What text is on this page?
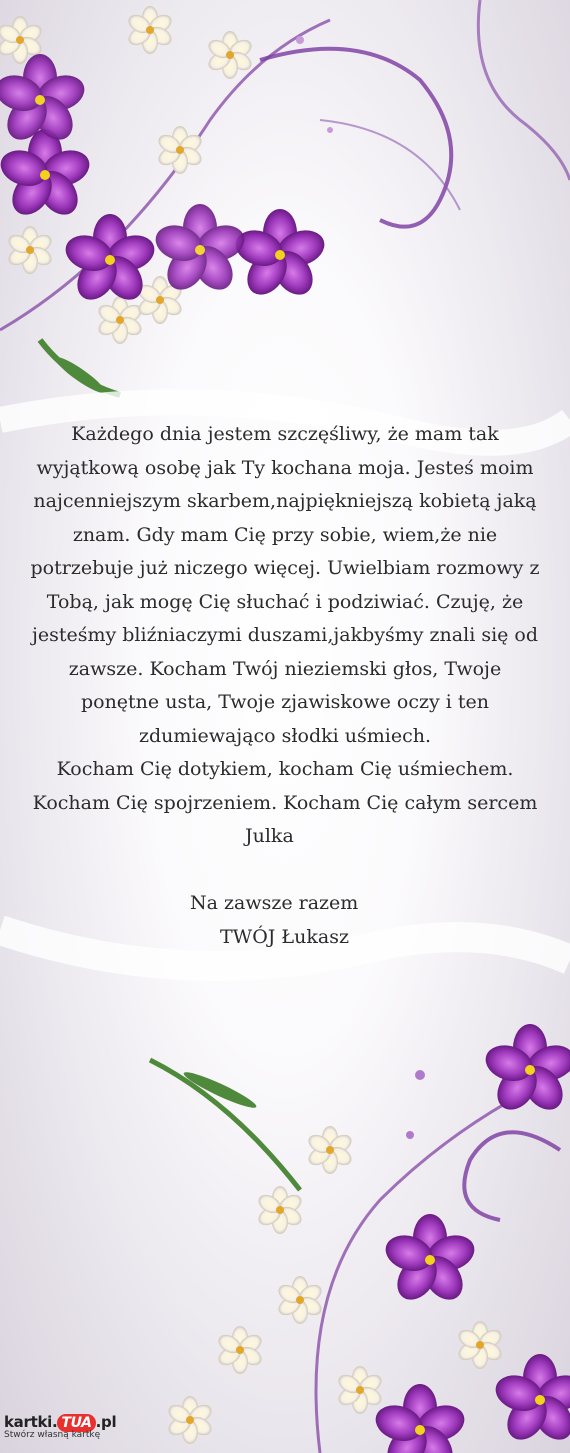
Każdego dnia jestem szczęśliwy, że mam tak
wyjątkową osobę jak Ty kochana moja. Jesteś moim
najcenniejszym skarbem,najpiękniejszą kobietą jaką
znam. Gdy mam Cię przy sobie, wiem,że nie
potrzebuje już niczego więcej. Uwielbiam rozmowy z
Tobą, jak mogę Cię słuchać i podziwiać. Czuję, że
jesteśmy bliźniaczymi duszami,jakbyśmy znali się od
zawsze. Kocham Twój nieziemski głos, Twoje
ponętne usta, Twoje zjawiskowe oczy i ten
zdumiewająco słodki uśmiech.
Kocham Cię dotykiem, kocham Cię uśmiechem.
Kocham Cię spojrzeniem. Kocham Cię całym sercem
Julka
Na zawsze razem
TWÓJ Łukasz
kartki. TUA .pl
Stwórz własną kartkę
